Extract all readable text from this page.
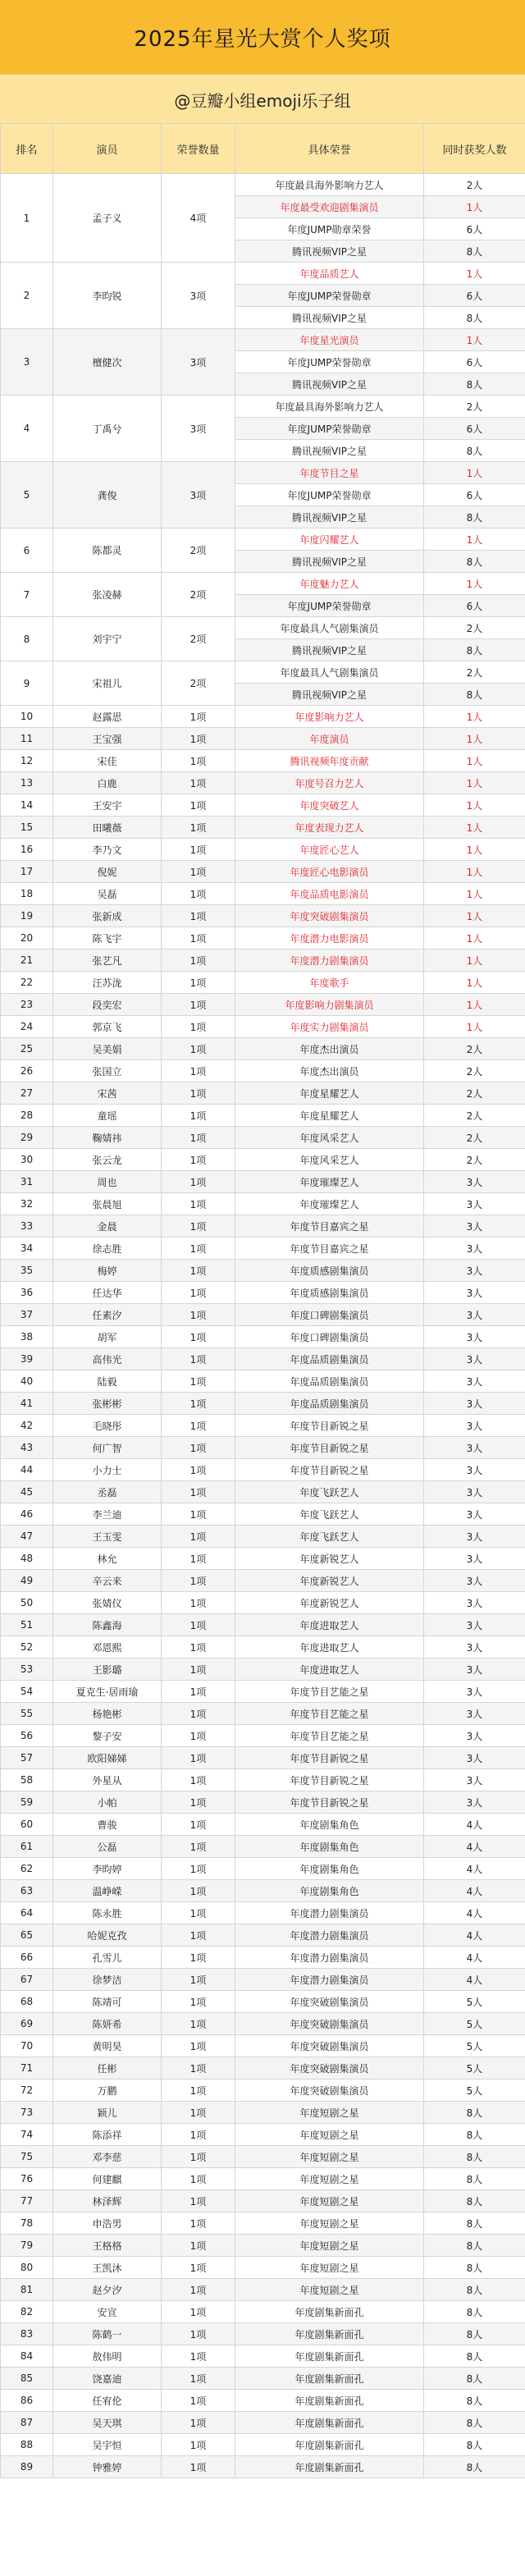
2025年星光大赏个人奖项
@豆瓣小组emoji乐子组
排名	演员	荣誉数量	具体荣誉	同时获奖人数
1	孟子义	4项	年度最具海外影响力艺人	2人
			年度最受欢迎剧集演员	1人
			年度JUMP勋章荣誉	6人
			腾讯视频VIP之星	8人
2	李昀锐	3项	年度品质艺人	1人
			年度JUMP荣誉勋章	6人
			腾讯视频VIP之星	8人
3	檀健次	3项	年度星光演员	1人
			年度JUMP荣誉勋章	6人
			腾讯视频VIP之星	8人
4	丁禹兮	3项	年度最具海外影响力艺人	2人
			年度JUMP荣誉勋章	6人
			腾讯视频VIP之星	8人
5	龚俊	3项	年度节目之星	1人
			年度JUMP荣誉勋章	6人
			腾讯视频VIP之星	8人
6	陈都灵	2项	年度闪耀艺人	1人
			腾讯视频VIP之星	8人
7	张凌赫	2项	年度魅力艺人	1人
			年度JUMP荣誉勋章	6人
8	刘宇宁	2项	年度最具人气剧集演员	2人
			腾讯视频VIP之星	8人
9	宋祖儿	2项	年度最具人气剧集演员	2人
			腾讯视频VIP之星	8人
10	赵露思	1项	年度影响力艺人	1人
11	王宝强	1项	年度演员	1人
12	宋佳	1项	腾讯视频年度贡献	1人
13	白鹿	1项	年度号召力艺人	1人
14	王安宇	1项	年度突破艺人	1人
15	田曦薇	1项	年度表现力艺人	1人
16	李乃文	1项	年度匠心艺人	1人
17	倪妮	1项	年度匠心电影演员	1人
18	吴磊	1项	年度品质电影演员	1人
19	张新成	1项	年度突破剧集演员	1人
20	陈飞宇	1项	年度潜力电影演员	1人
21	张艺凡	1项	年度潜力剧集演员	1人
22	汪苏泷	1项	年度歌手	1人
23	段奕宏	1项	年度影响力剧集演员	1人
24	郭京飞	1项	年度实力剧集演员	1人
25	吴美娟	1项	年度杰出演员	2人
26	张国立	1项	年度杰出演员	2人
27	宋茜	1项	年度星耀艺人	2人
28	童瑶	1项	年度星耀艺人	2人
29	鞠婧祎	1项	年度风采艺人	2人
30	张云龙	1项	年度风采艺人	2人
31	周也	1项	年度璀璨艺人	3人
32	张晨旭	1项	年度璀璨艺人	3人
33	金晨	1项	年度节目嘉宾之星	3人
34	徐志胜	1项	年度节目嘉宾之星	3人
35	梅婷	1项	年度质感剧集演员	3人
36	任达华	1项	年度质感剧集演员	3人
37	任素汐	1项	年度口碑剧集演员	3人
38	胡军	1项	年度口碑剧集演员	3人
39	高伟光	1项	年度品质剧集演员	3人
40	陆毅	1项	年度品质剧集演员	3人
41	张彬彬	1项	年度品质剧集演员	3人
42	毛晓彤	1项	年度节目新锐之星	3人
43	何广智	1项	年度节目新锐之星	3人
44	小力士	1项	年度节目新锐之星	3人
45	丞磊	1项	年度飞跃艺人	3人
46	李兰迪	1项	年度飞跃艺人	3人
47	王玉雯	1项	年度飞跃艺人	3人
48	林允	1项	年度新锐艺人	3人
49	辛云来	1项	年度新锐艺人	3人
50	张婧仪	1项	年度新锐艺人	3人
51	陈鑫海	1项	年度进取艺人	3人
52	邓恩熙	1项	年度进取艺人	3人
53	王影璐	1项	年度进取艺人	3人
54	夏克生·居雨瑜	1项	年度节目艺能之星	3人
55	杨艳彬	1项	年度节目艺能之星	3人
56	黎子安	1项	年度节目艺能之星	3人
57	欧阳娣娣	1项	年度节目新锐之星	3人
58	外星从	1项	年度节目新锐之星	3人
59	小帕	1项	年度节目新锐之星	3人
60	曹骏	1项	年度剧集角色	4人
61	公磊	1项	年度剧集角色	4人
62	李昀婷	1项	年度剧集角色	4人
63	温峥嵘	1项	年度剧集角色	4人
64	陈永胜	1项	年度潜力剧集演员	4人
65	哈妮克孜	1项	年度潜力剧集演员	4人
66	孔雪儿	1项	年度潜力剧集演员	4人
67	徐梦洁	1项	年度潜力剧集演员	4人
68	陈靖可	1项	年度突破剧集演员	5人
69	陈妍希	1项	年度突破剧集演员	5人
70	黄明昊	1项	年度突破剧集演员	5人
71	任彬	1项	年度突破剧集演员	5人
72	万鹏	1项	年度突破剧集演员	5人
73	颖儿	1项	年度短剧之星	8人
74	陈添祥	1项	年度短剧之星	8人
75	邓李慈	1项	年度短剧之星	8人
76	何建麒	1项	年度短剧之星	8人
77	林泽辉	1项	年度短剧之星	8人
78	申浩男	1项	年度短剧之星	8人
79	王格格	1项	年度短剧之星	8人
80	王凯沐	1项	年度短剧之星	8人
81	赵夕汐	1项	年度短剧之星	8人
82	安宣	1项	年度剧集新面孔	8人
83	陈鹤一	1项	年度剧集新面孔	8人
84	敖伟明	1项	年度剧集新面孔	8人
85	饶嘉迪	1项	年度剧集新面孔	8人
86	任宥伦	1项	年度剧集新面孔	8人
87	吴天琪	1项	年度剧集新面孔	8人
88	吴宇恒	1项	年度剧集新面孔	8人
89	钟雅婷	1项	年度剧集新面孔	8人
